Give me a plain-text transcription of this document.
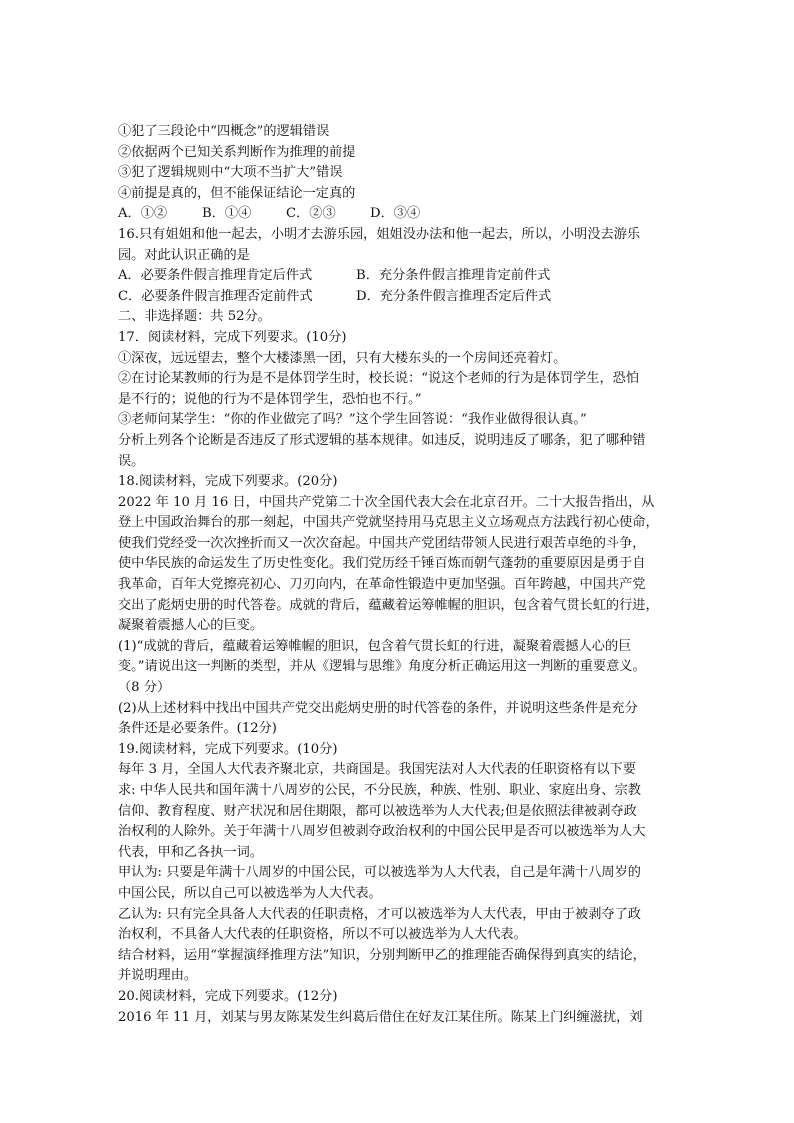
①犯了三段论中“四概念”的逻辑错误
②依据两个已知关系判断作为推理的前提
③犯了逻辑规则中“大项不当扩大”错误
④前提是真的，但不能保证结论一定真的
A．①②	B．①④	C．②③	D．③④
16.只有姐姐和他一起去，小明才去游乐园，姐姐没办法和他一起去，所以，小明没去游乐
园。对此认识正确的是
A．必要条件假言推理肯定后件式	B．充分条件假言推理肯定前件式
C．必要条件假言推理否定前件式	D．充分条件假言推理否定后件式
二、非选择题：共 52分。
17．阅读材料，完成下列要求。(10分)
①深夜，远远望去，整个大楼漆黑一团，只有大楼东头的一个房间还亮着灯。
②在讨论某教师的行为是不是体罚学生时，校长说：“说这个老师的行为是体罚学生，恐怕
是不行的；说他的行为不是体罚学生，恐怕也不行。”
③老师问某学生：“你的作业做完了吗？”这个学生回答说：“我作业做得很认真。”
分析上列各个论断是否违反了形式逻辑的基本规律。如违反，说明违反了哪条，犯了哪种错
误。
18.阅读材料，完成下列要求。(20分)
2022 年 10 月 16 日，中国共产党第二十次全国代表大会在北京召开。二十大报告指出，从
登上中国政治舞台的那一刻起，中国共产党就坚持用马克思主义立场观点方法践行初心使命，
使我们党经受一次次挫折而又一次次奋起。中国共产党团结带领人民进行艰苦卓绝的斗争，
使中华民族的命运发生了历史性变化。我们党历经千锤百炼而朝气蓬勃的重要原因是勇于自
我革命，百年大党擦亮初心、刀刃向内，在革命性锻造中更加坚强。百年跨越，中国共产党
交出了彪炳史册的时代答卷。成就的背后，蕴藏着运筹帷幄的胆识，包含着气贯长虹的行进，
凝聚着震撼人心的巨变。
(1)“成就的背后，蕴藏着运筹帷幄的胆识，包含着气贯长虹的行进，凝聚着震撼人心的巨
变。”请说出这一判断的类型，并从《逻辑与思维》角度分析正确运用这一判断的重要意义。
（8 分）
(2)从上述材料中找出中国共产党交出彪炳史册的时代答卷的条件，并说明这些条件是充分
条件还是必要条件。(12分)
19.阅读材料，完成下列要求。(10分)
每年 3 月，全国人大代表齐聚北京，共商国是。我国宪法对人大代表的任职资格有以下要
求: 中华人民共和国年满十八周岁的公民，不分民族，种族、性别、职业、家庭出身、宗教
信仰、教育程度、财产状况和居住期限，都可以被选举为人大代表;但是依照法律被剥夺政
治权利的人除外。关于年满十八周岁但被剥夺政治权利的中国公民甲是否可以被选举为人大
代表，甲和乙各执一词。
甲认为: 只要是年满十八周岁的中国公民，可以被选举为人大代表，自己是年满十八周岁的
中国公民，所以自己可以被选举为人大代表。
乙认为: 只有完全具备人大代表的任职责格，才可以被选举为人大代表，甲由于被剥夺了政
治权利，不具备人大代表的任职资格，所以不可以被选举为人大代表。
结合材料，运用“掌握演绎推理方法”知识，分别判断甲乙的推理能否确保得到真实的结论，
并说明理由。
20.阅读材料，完成下列要求。(12分)
2016 年 11 月，刘某与男友陈某发生纠葛后借住在好友江某住所。陈某上门纠缠滋扰，刘
